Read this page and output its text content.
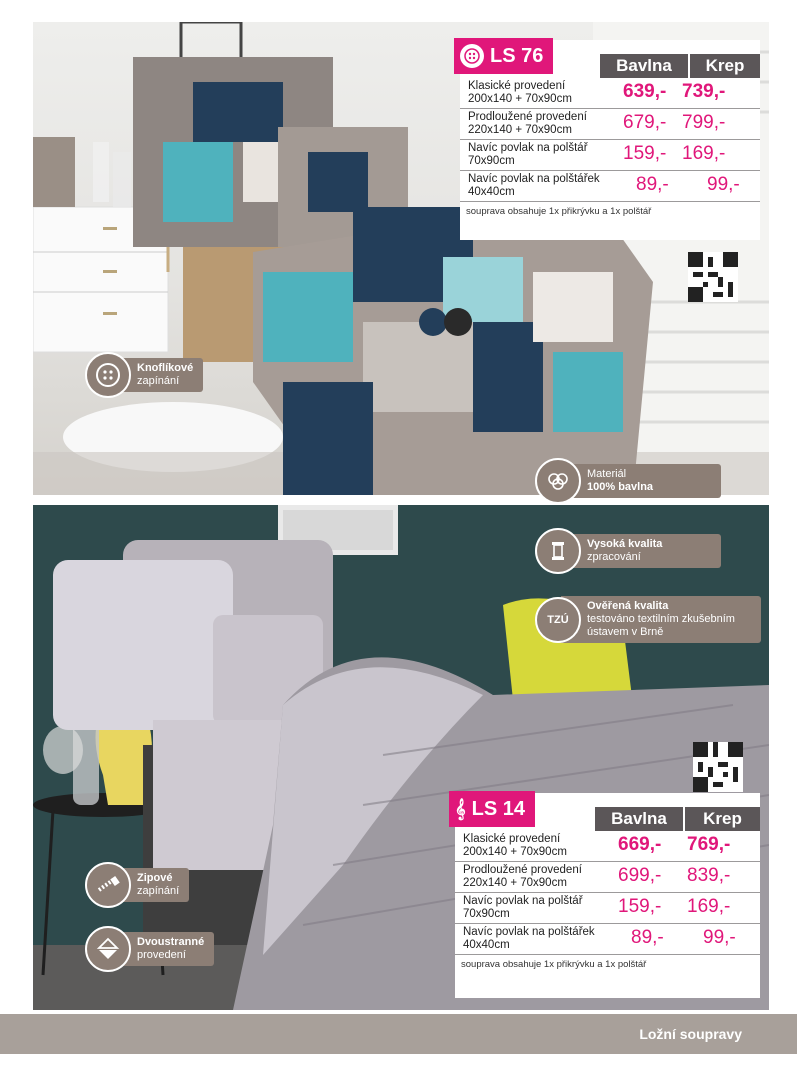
LS 76	Bavlna	Krep
Klasické provedení
200x140 + 70x90cm	639,- 739,-
Prodloužené provedení
220x140 + 70x90cm	679,- 799,-
Navíc povlak na polštář
70x90cm	159,- 169,-
Navíc povlak na polštářek
40x40cm	89,- 99,-
souprava obsahuje 1x přikrývku a 1x polštář
𝄞 LS 14	Bavlna	Krep
Klasické provedení
200x140 + 70x90cm	669,- 769,-
Prodloužené provedení
220x140 + 70x90cm	699,- 839,-
Navíc povlak na polštář
70x90cm	159,- 169,-
Navíc povlak na polštářek
40x40cm	89,- 99,-
souprava obsahuje 1x přikrývku a 1x polštář
Knoflíkové
zapínání
Materiál
100% bavlna
Vysoká kvalita
zpracování
TZÚ
Ověřená kvalita
testováno textilním zkušebním ústavem v Brně
Zipové
zapínání
Dvoustranné
provedení
Ložní soupravy
